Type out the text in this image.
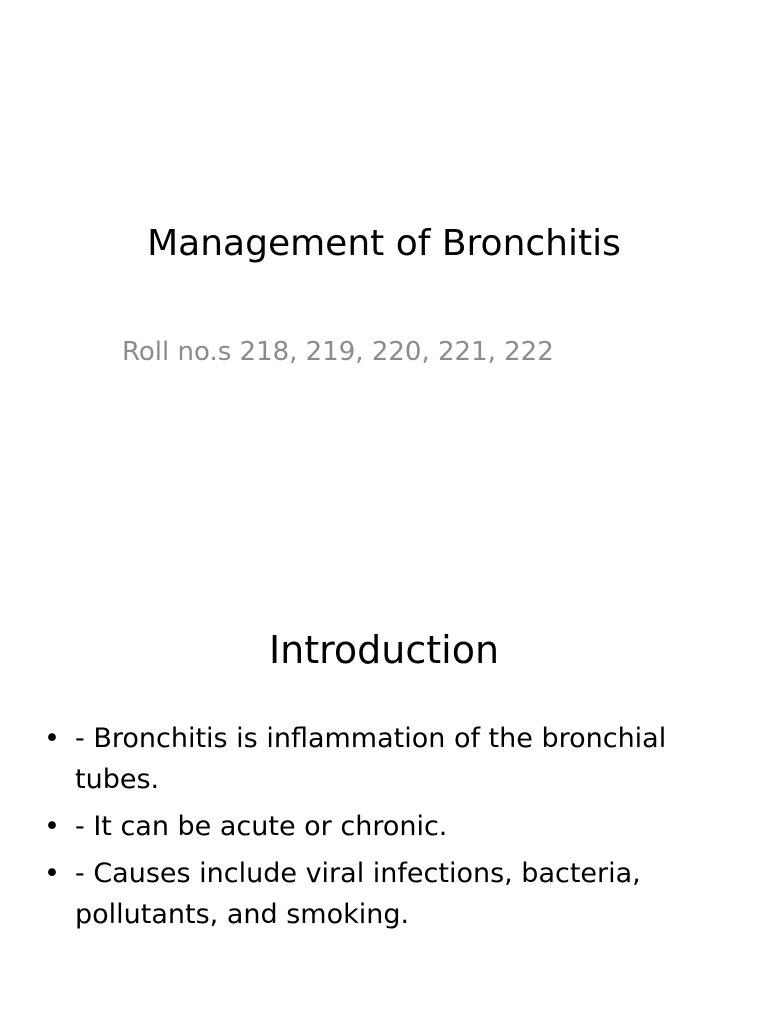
Management of Bronchitis

Roll no.s 218, 219, 220, 221, 222

Introduction
• - Bronchitis is inflammation of the bronchial tubes.
• - It can be acute or chronic.
• - Causes include viral infections, bacteria, pollutants, and smoking.
